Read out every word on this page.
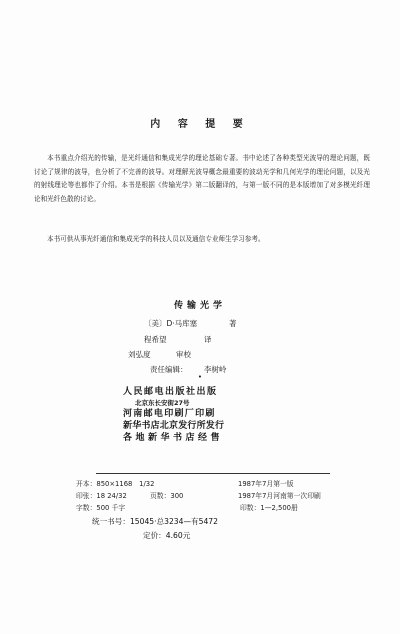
内 容 提 要
本书重点介绍光的传输，是光纤通信和集成光学的理论基础专著。书中论述了各种类型光波导的理论问题，既讨论了规律的波导，也分析了不完善的波导。对理解光波导概念最重要的波动光学和几何光学的理论问题，以及光的射线理论等也都作了介绍。本书是根据《传输光学》第二版翻译的，与第一版不同的是本版增加了对多模光纤理论和光纤色散的讨论。
本书可供从事光纤通信和集成光学的科技人员以及通信专业师生学习参考。
传输光学
〔美〕D·马库塞	著
程希望	译
刘弘度	审校
责任编辑： 李树岭
•
人民邮电出版社出版
北京东长安街27号
河南邮电印刷厂印刷
新华书店北京发行所发行
各地新华书店经售
开本：850×1168　1/32	1987年7月第一版
印张：18 24/32	页数：300	1987年7月河南第一次印刷
字数：500 千字	印数：1—2,500册
统一书号：15045·总3234—有5472
定价：4.60元
